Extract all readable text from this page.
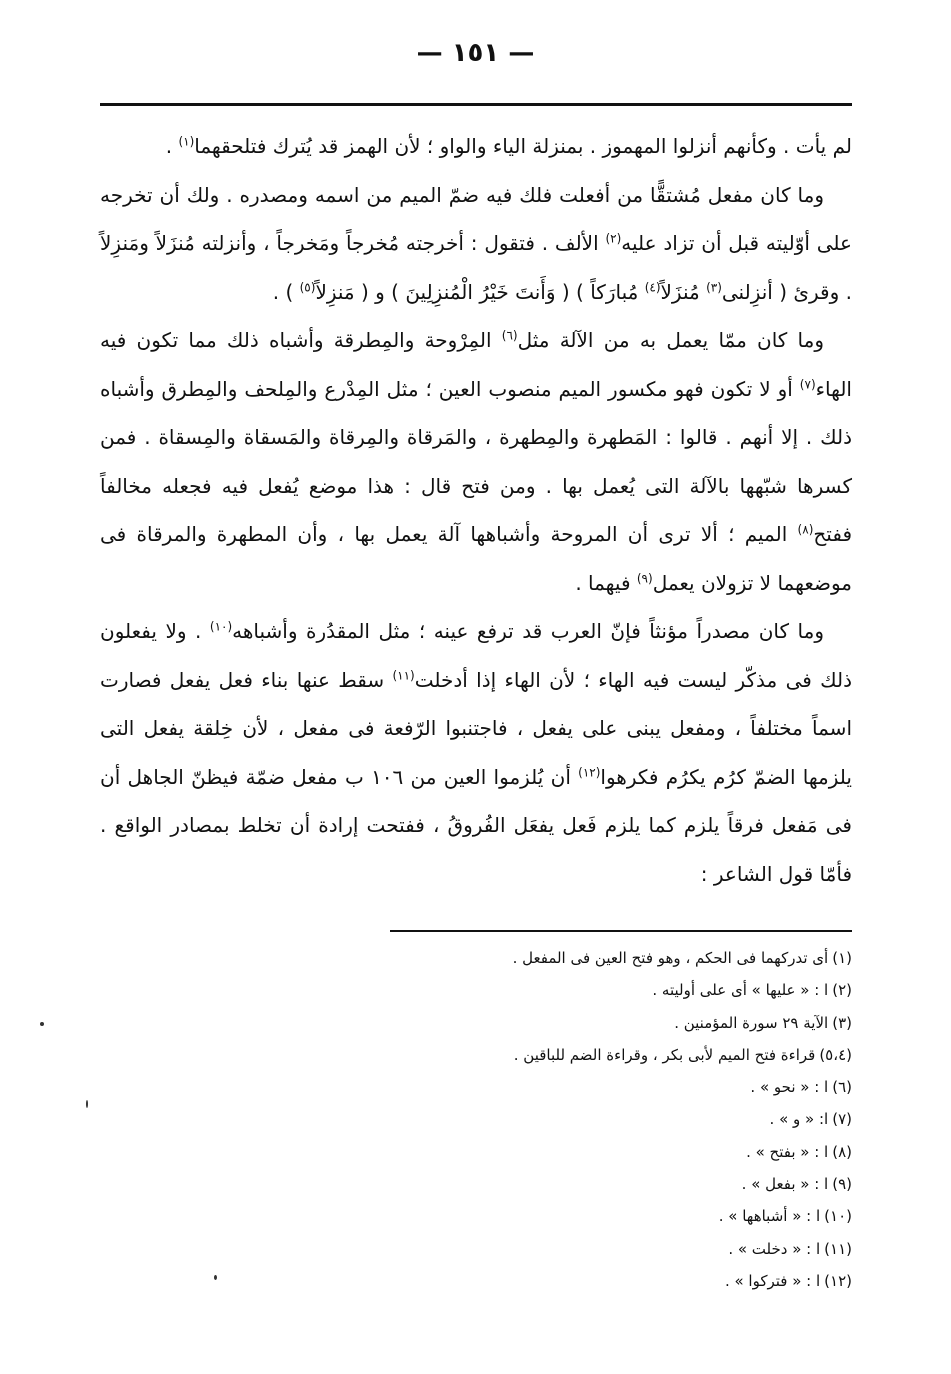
— ١٥١ —

لم يأت . وكأنهم أنزلوا المهموز . بمنزلة الياء والواو ؛ لأن الهمز قد يُترك فتلحقهما$^{(١)}$ .

وما كان مفعل مُشتقًّا من أفعلت فلك فيه ضمّ الميم من اسمه ومصدره . ولك أن تخرجه على أوّليته قبل أن تزاد عليه$^{(٢)}$ الألف . فتقول : أخرجته مُخرجاً ومَخرجاً ، وأنزلته مُنزَلاً ومَنزِلاً . وقرئ ( أنزِلنى$^{(٣)}$ مُنزَلاً$^{(٤)}$ مُبارَكاً ) ( وَأَنتَ خَيْرُ الْمُنزِلِينَ ) و ( مَنزِلاً$^{(٥)}$ ) .

وما كان ممّا يعمل به من الآلة مثل$^{(٦)}$ المِرْوحة والمِطرقة وأشباه ذلك مما تكون فيه الهاء$^{(٧)}$ أو لا تكون فهو مكسور الميم منصوب العين ؛ مثل المِدْرع والمِلحف والمِطرق وأشباه ذلك . إلا أنهم . قالوا : المَطهرة والمِطهرة ، والمَرقاة والمِرقاة والمَسقاة والمِسقاة . فمن كسرها شبّهها بالآلة التى يُعمل بها . ومن فتح قال : هذا موضع يُفعل فيه فجعله مخالفاً ففتح$^{(٨)}$ الميم ؛ ألا ترى أن المروحة وأشباهها آلة يعمل بها ، وأن المطهرة والمرقاة فى موضعهما لا تزولان يعمل$^{(٩)}$ فيهما .

وما كان مصدراً مؤنثاً فإنّ العرب قد ترفع عينه ؛ مثل المقدُرة وأشباهه$^{(١٠)}$ . ولا يفعلون ذلك فى مذكّر ليست فيه الهاء ؛ لأن الهاء إذا أدخلت$^{(١١)}$ سقط عنها بناء فعل يفعل فصارت اسماً مختلفاً ، ومفعل يبنى على يفعل ، فاجتنبوا الرّفعة فى مفعل ، لأن خِلقة يفعل التى يلزمها الضمّ كرُم يكرُم فكرهوا$^{(١٢)}$ أن يُلزموا العين من ١٠٦ ب مفعل ضمّة فيظنّ الجاهل أن فى مَفعل فرقاً يلزم كما يلزم فَعل يفعَل الفُروقُ ، ففتحت إرادة أن تخلط بمصادر الواقع . فأمّا قول الشاعر :

(١)أى تدركهما فى الحكم ، وهو فتح العين فى المفعل .
(٢)ا : « عليها » أى على أوليته .
(٣)الآية ٢٩ سورة المؤمنين .
(٥،٤)قراءة فتح الميم لأبى بكر ، وقراءة الضم للباقين .
(٦)ا : « نحو » .
(٧)ا: « و » .
(٨)ا : « بفتح » .
(٩)ا : « بفعل » .
(١٠)ا : « أشباهها » .
(١١)ا : « دخلت » .
(١٢)ا : « فتركوا » .
